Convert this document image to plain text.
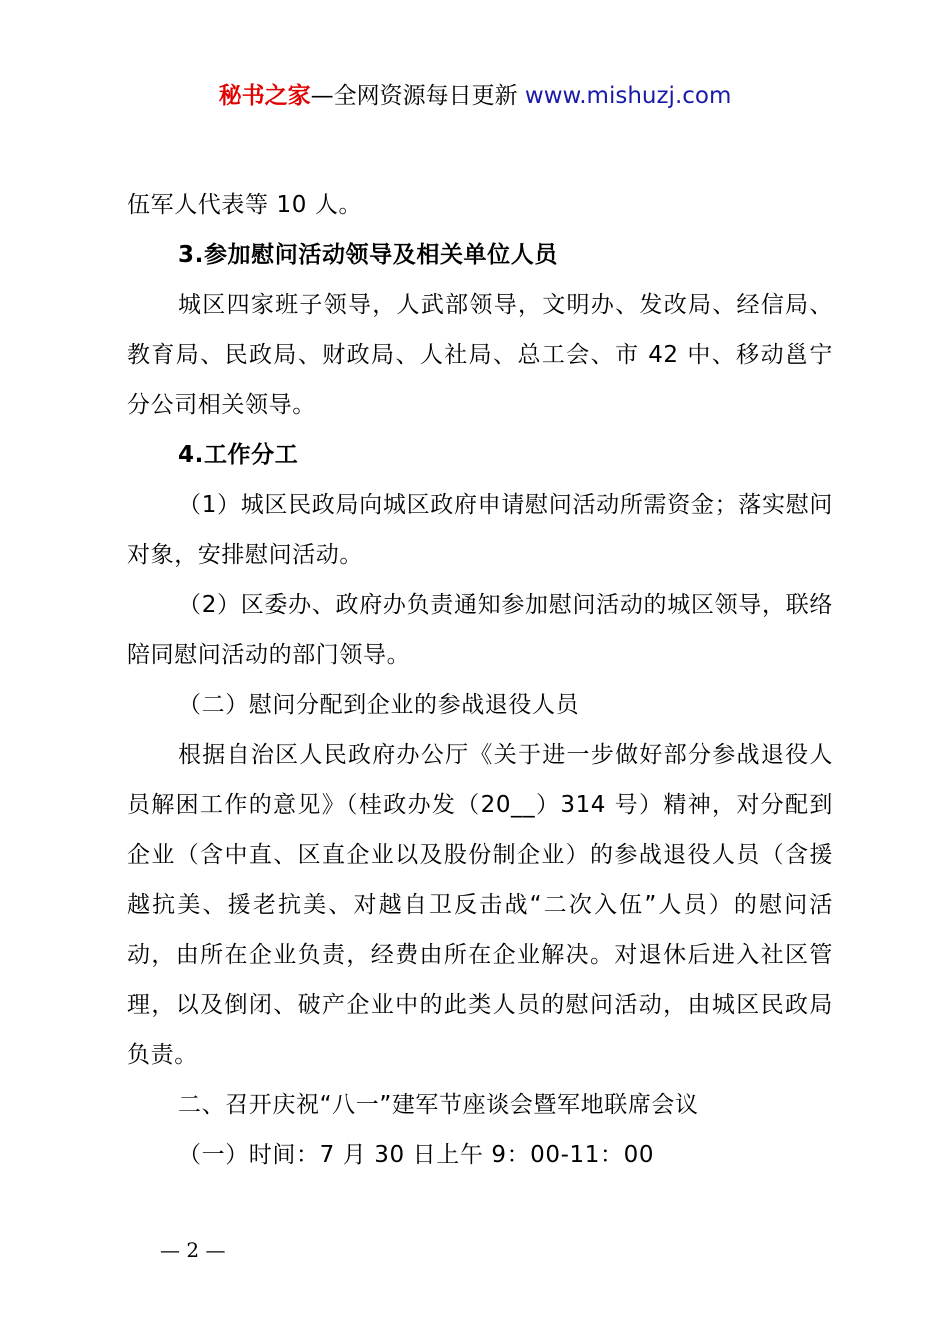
秘书之家—全网资源每日更新 www.mishuzj.com

伍军人代表等 10 人。

3.参加慰问活动领导及相关单位人员

城区四家班子领导，人武部领导，文明办、发改局、经信局、教育局、民政局、财政局、人社局、总工会、市 42 中、移动邕宁分公司相关领导。

4.工作分工

（1）城区民政局向城区政府申请慰问活动所需资金；落实慰问对象，安排慰问活动。

（2）区委办、政府办负责通知参加慰问活动的城区领导，联络陪同慰问活动的部门领导。

（二）慰问分配到企业的参战退役人员

根据自治区人民政府办公厅《关于进一步做好部分参战退役人员解困工作的意见》（桂政办发（20__）314 号）精神，对分配到企业（含中直、区直企业以及股份制企业）的参战退役人员（含援越抗美、援老抗美、对越自卫反击战“二次入伍”人员）的慰问活动，由所在企业负责，经费由所在企业解决。对退休后进入社区管理，以及倒闭、破产企业中的此类人员的慰问活动，由城区民政局负责。

二、召开庆祝“八一”建军节座谈会暨军地联席会议

（一）时间：7 月 30 日上午 9：00-11：00

— 2 —
